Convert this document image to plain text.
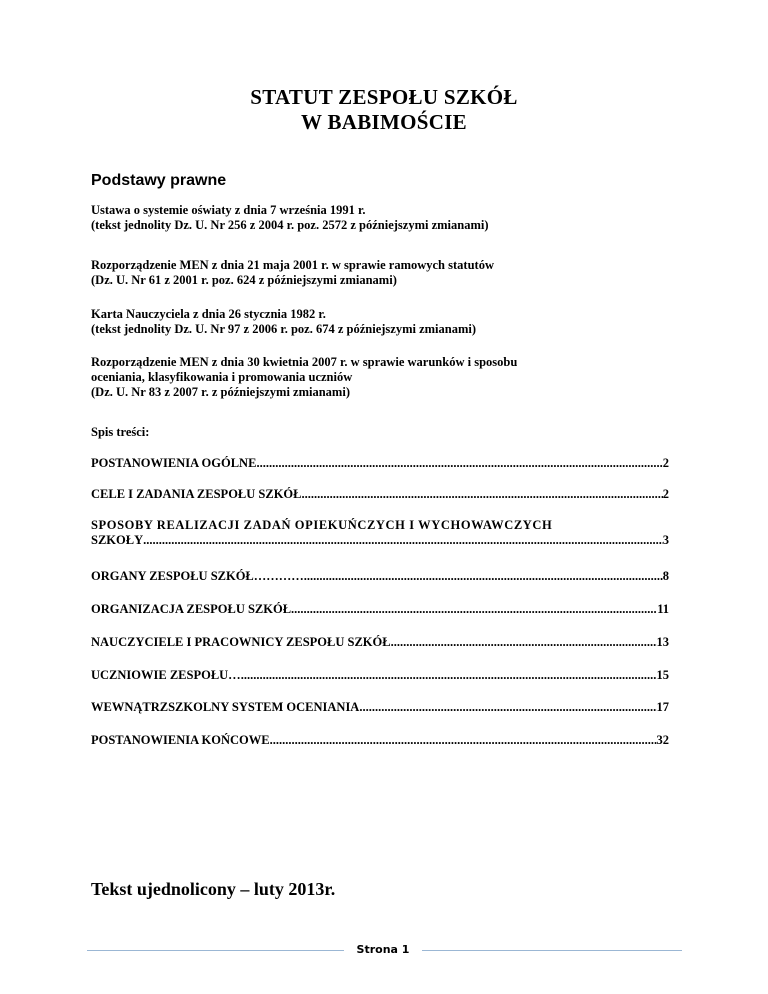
STATUT ZESPOŁU SZKÓŁ
W BABIMOŚCIE
Podstawy prawne
Ustawa o systemie oświaty z dnia 7 września 1991 r.
(tekst jednolity Dz. U. Nr 256 z 2004 r. poz. 2572 z późniejszymi zmianami)
Rozporządzenie MEN z dnia 21 maja 2001 r. w sprawie ramowych statutów
(Dz. U. Nr 61 z 2001 r. poz. 624 z późniejszymi zmianami)
Karta Nauczyciela z dnia 26 stycznia 1982 r.
(tekst jednolity Dz. U. Nr 97 z 2006 r. poz. 674 z późniejszymi zmianami)
Rozporządzenie MEN z dnia 30 kwietnia 2007 r. w sprawie warunków i sposobu
oceniania, klasyfikowania i promowania uczniów
(Dz. U. Nr 83 z 2007 r. z późniejszymi zmianami)
Spis treści:
POSTANOWIENIA OGÓLNE .....	2
CELE I ZADANIA ZESPOŁU SZKÓŁ .....	2
SPOSOBY REALIZACJI ZADAŃ OPIEKUŃCZYCH I WYCHOWAWCZYCH
SZKOŁY .....	3
ORGANY ZESPOŁU SZKÓŁ………….. .....	8
ORGANIZACJA ZESPOŁU SZKÓŁ .....	11
NAUCZYCIELE I PRACOWNICY ZESPOŁU SZKÓŁ .....	13
UCZNIOWIE ZESPOŁU… .....	15
WEWNĄTRZSZKOLNY SYSTEM OCENIANIA .....	17
POSTANOWIENIA KOŃCOWE .....	32
Tekst ujednolicony – luty 2013r.
Strona 1
